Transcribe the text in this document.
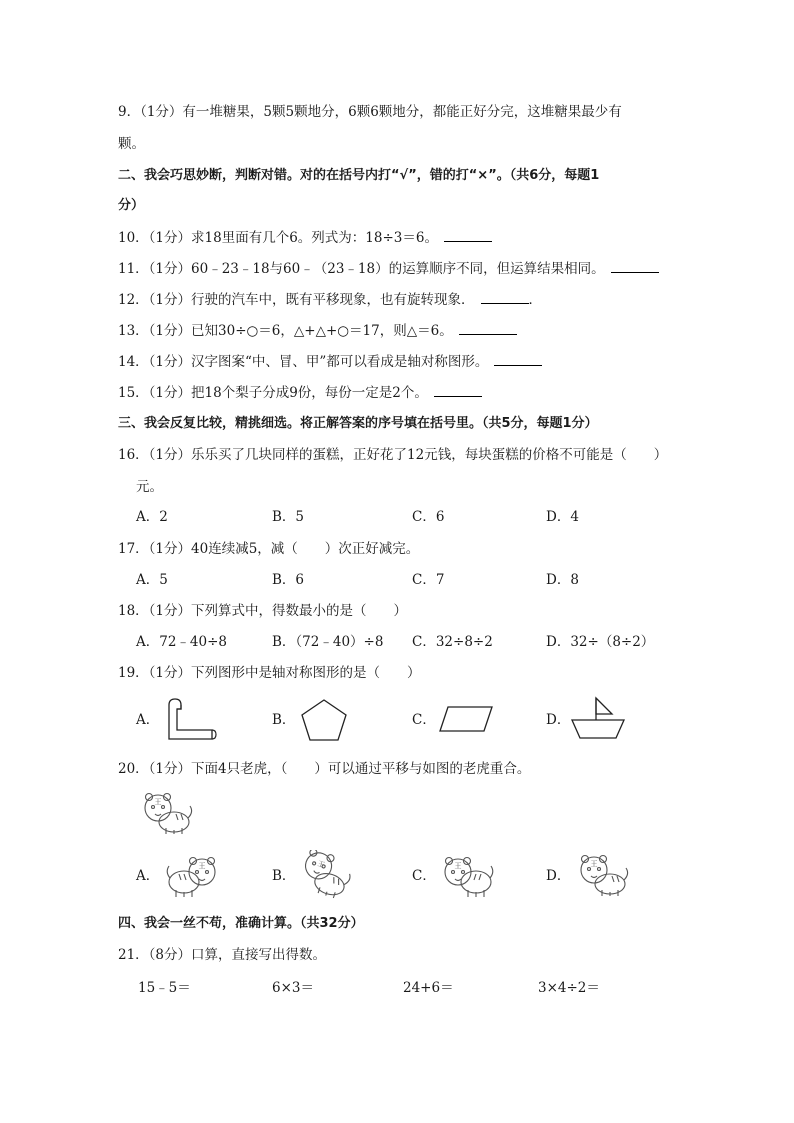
9．（1分）有一堆糖果，5颗5颗地分，6颗6颗地分，都能正好分完，这堆糖果最少有
颗。
二、我会巧思妙断，判断对错。对的在括号内打“√”，错的打“×”。（共6分，每题1
分）
10．（1分）求18里面有几个6。列式为：18÷3＝6。
11．（1分）60﹣23﹣18与60﹣（23﹣18）的运算顺序不同，但运算结果相同。
12．（1分）行驶的汽车中，既有平移现象，也有旋转现象．	．
13．（1分）已知30÷○＝6，△+△+○＝17，则△＝6。
14．（1分）汉字图案“中、冒、甲”都可以看成是轴对称图形。
15．（1分）把18个梨子分成9份，每份一定是2个。
三、我会反复比较，精挑细选。将正解答案的序号填在括号里。（共5分，每题1分）
16．（1分）乐乐买了几块同样的蛋糕，正好花了12元钱，每块蛋糕的价格不可能是（　　）
元。
A．2	B．5	C．6	D．4
17．（1分）40连续减5，减（　　）次正好减完。
A．5	B．6	C．7	D．8
18．（1分）下列算式中，得数最小的是（　　）
A．72﹣40÷8	B．（72﹣40）÷8 C．32÷8÷2	D．32÷（8÷2）
19．（1分）下列图形中是轴对称图形的是（　　）
A．	B．	C．	D．
20．（1分）下面4只老虎，（　　）可以通过平移与如图的老虎重合。
王
A．	B．	C．	D．
王	王	王	王
四、我会一丝不苟，准确计算。（共32分）
21．（8分）口算，直接写出得数。
15﹣5＝	6×3＝	24+6＝	3×4÷2＝
